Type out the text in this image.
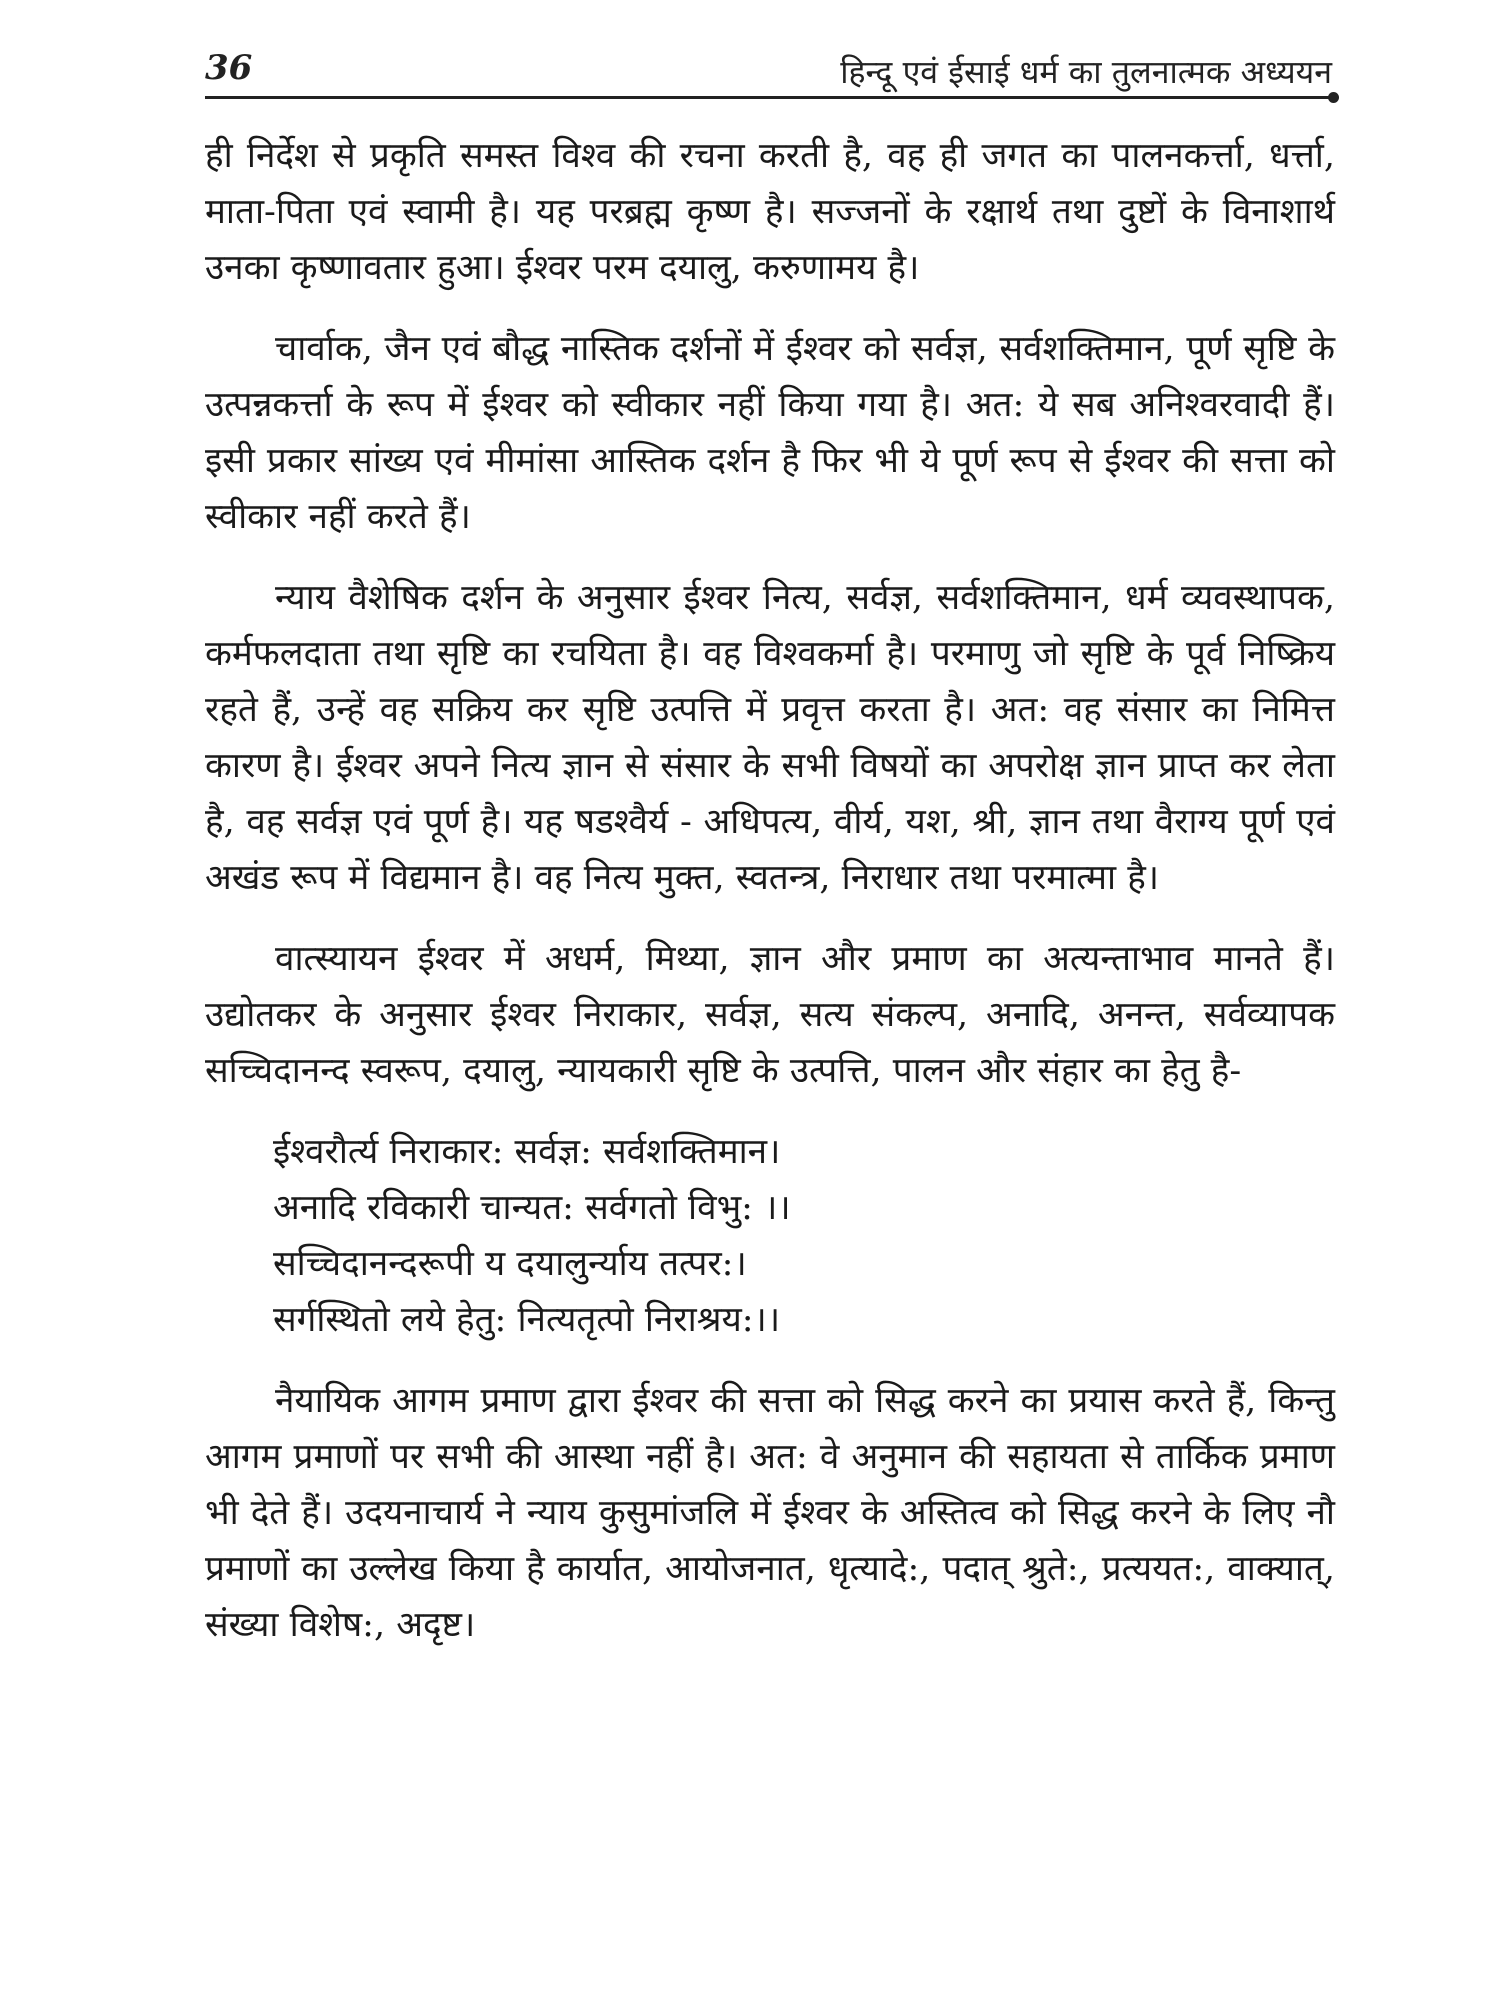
36	हिन्दू एवं ईसाई धर्म का तुलनात्मक अध्ययन

ही निर्देश से प्रकृति समस्त विश्व की रचना करती है, वह ही जगत का पालनकर्त्ता, धर्त्ता, माता-पिता एवं स्वामी है। यह परब्रह्म कृष्ण है। सज्जनों के रक्षार्थ तथा दुष्टों के विनाशार्थ उनका कृष्णावतार हुआ। ईश्वर परम दयालु, करुणामय है।

चार्वाक, जैन एवं बौद्ध नास्तिक दर्शनों में ईश्वर को सर्वज्ञ, सर्वशक्तिमान, पूर्ण सृष्टि के उत्पन्नकर्त्ता के रूप में ईश्वर को स्वीकार नहीं किया गया है। अत: ये सब अनिश्वरवादी हैं। इसी प्रकार सांख्य एवं मीमांसा आस्तिक दर्शन है फिर भी ये पूर्ण रूप से ईश्वर की सत्ता को स्वीकार नहीं करते हैं।

न्याय वैशेषिक दर्शन के अनुसार ईश्वर नित्य, सर्वज्ञ, सर्वशक्तिमान, धर्म व्यवस्थापक, कर्मफलदाता तथा सृष्टि का रचयिता है। वह विश्वकर्मा है। परमाणु जो सृष्टि के पूर्व निष्क्रिय रहते हैं, उन्हें वह सक्रिय कर सृष्टि उत्पत्ति में प्रवृत्त करता है। अत: वह संसार का निमित्त कारण है। ईश्वर अपने नित्य ज्ञान से संसार के सभी विषयों का अपरोक्ष ज्ञान प्राप्त कर लेता है, वह सर्वज्ञ एवं पूर्ण है। यह षडश्वैर्य - अधिपत्य, वीर्य, यश, श्री, ज्ञान तथा वैराग्य पूर्ण एवं अखंड रूप में विद्यमान है। वह नित्य मुक्त, स्वतन्त्र, निराधार तथा परमात्मा है।

वात्स्यायन ईश्वर में अधर्म, मिथ्या, ज्ञान और प्रमाण का अत्यन्ताभाव मानते हैं। उद्योतकर के अनुसार ईश्वर निराकार, सर्वज्ञ, सत्य संकल्प, अनादि, अनन्त, सर्वव्यापक सच्चिदानन्द स्वरूप, दयालु, न्यायकारी सृष्टि के उत्पत्ति, पालन और संहार का हेतु है-

ईश्वरौर्त्य निराकार: सर्वज्ञ: सर्वशक्तिमान।
अनादि रविकारी चान्यत: सर्वगतो विभु: ।।
सच्चिदानन्दरूपी य दयालुर्न्याय तत्पर:।
सर्गस्थितो लये हेतु: नित्यतृत्पो निराश्रय:।।

नैयायिक आगम प्रमाण द्वारा ईश्वर की सत्ता को सिद्ध करने का प्रयास करते हैं, किन्तु आगम प्रमाणों पर सभी की आस्था नहीं है। अत: वे अनुमान की सहायता से तार्किक प्रमाण भी देते हैं। उदयनाचार्य ने न्याय कुसुमांजलि में ईश्वर के अस्तित्व को सिद्ध करने के लिए नौ प्रमाणों का उल्लेख किया है कार्यात, आयोजनात, धृत्यादे:, पदात् श्रुते:, प्रत्ययत:, वाक्यात्, संख्या विशेष:, अदृष्ट।
